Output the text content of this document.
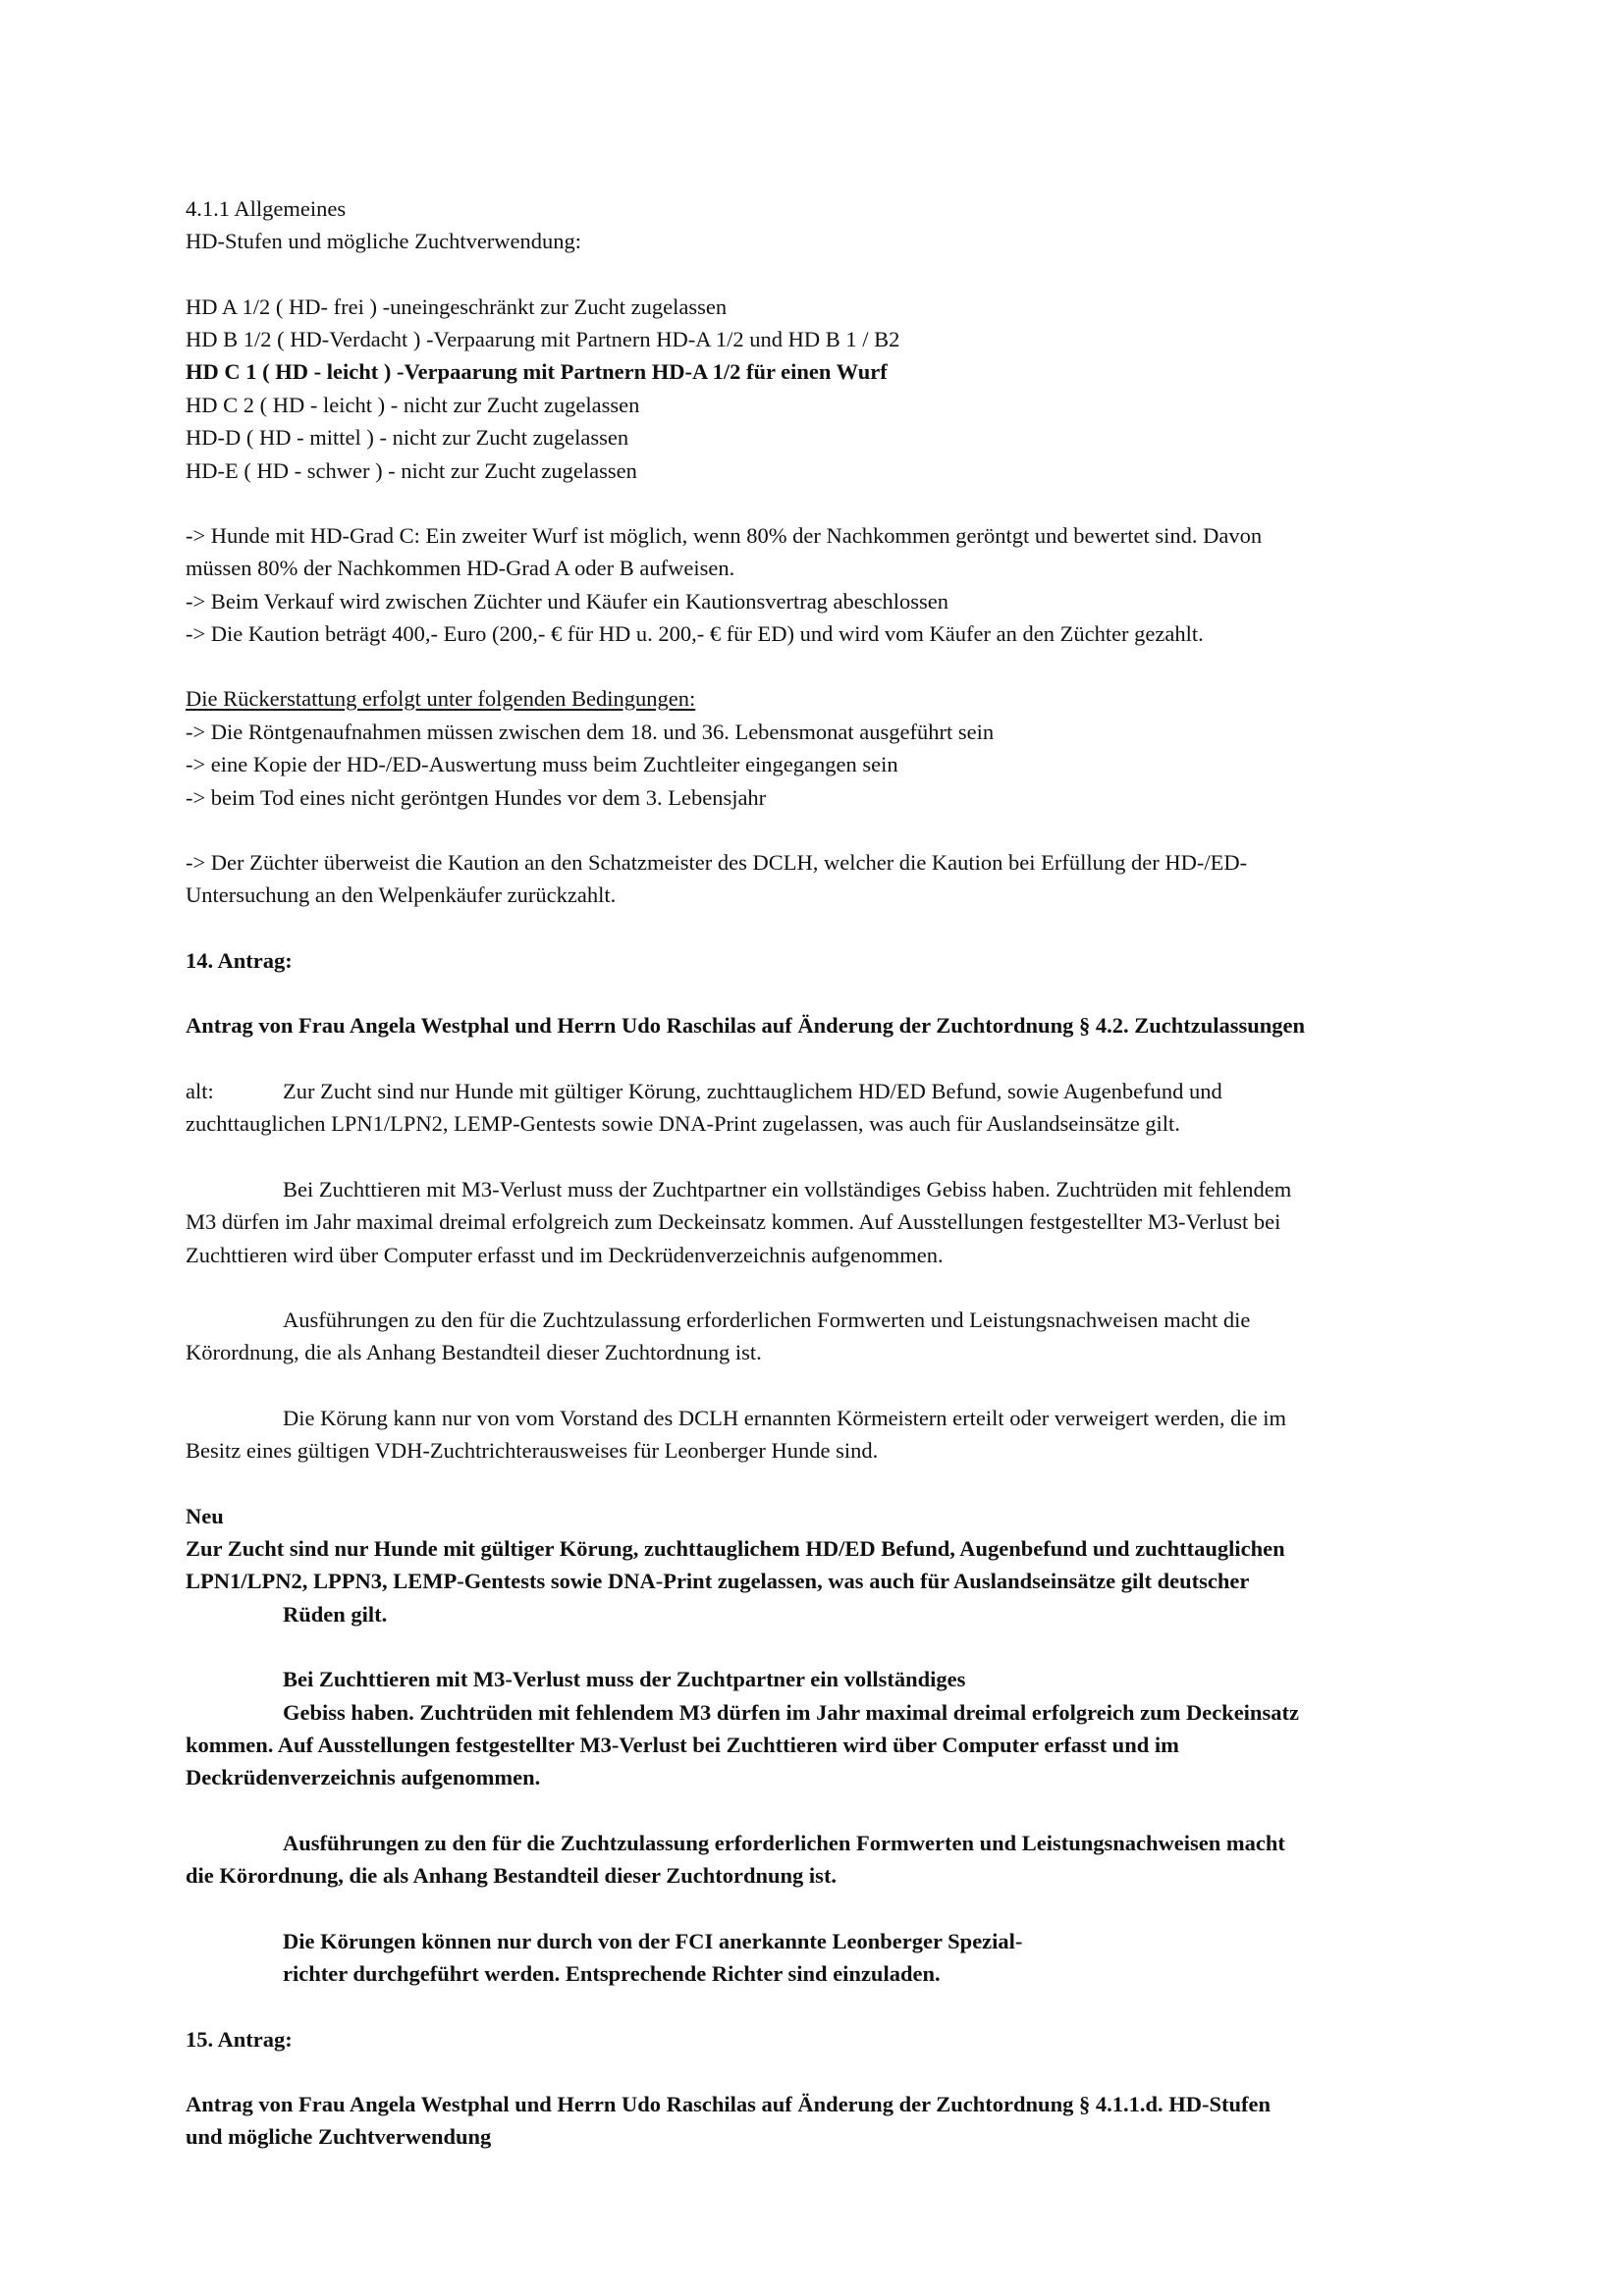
4.1.1 Allgemeines
HD-Stufen und mögliche Zuchtverwendung:
HD A 1/2 ( HD- frei ) -uneingeschränkt zur Zucht zugelassen
HD B 1/2 ( HD-Verdacht ) -Verpaarung mit Partnern HD-A 1/2 und HD B 1 / B2
HD C 1 ( HD - leicht ) -Verpaarung mit Partnern HD-A 1/2 für einen Wurf
HD C 2 ( HD - leicht ) - nicht zur Zucht zugelassen
HD-D ( HD - mittel ) - nicht zur Zucht zugelassen
HD-E ( HD - schwer ) - nicht zur Zucht zugelassen
-> Hunde mit HD-Grad C: Ein zweiter Wurf ist möglich, wenn 80% der Nachkommen geröntgt und bewertet sind. Davon
müssen 80% der Nachkommen HD-Grad A oder B aufweisen.
-> Beim Verkauf wird zwischen Züchter und Käufer ein Kautionsvertrag abeschlossen
-> Die Kaution beträgt 400,- Euro (200,- € für HD u. 200,- € für ED) und wird vom Käufer an den Züchter gezahlt.
Die Rückerstattung erfolgt unter folgenden Bedingungen:
-> Die Röntgenaufnahmen müssen zwischen dem 18. und 36. Lebensmonat ausgeführt sein
-> eine Kopie der HD-/ED-Auswertung muss beim Zuchtleiter eingegangen sein
-> beim Tod eines nicht geröntgen Hundes vor dem 3. Lebensjahr
-> Der Züchter überweist die Kaution an den Schatzmeister des DCLH, welcher die Kaution bei Erfüllung der HD-/ED-
Untersuchung an den Welpenkäufer zurückzahlt.
14. Antrag:
Antrag von Frau Angela Westphal und Herrn Udo Raschilas auf Änderung der Zuchtordnung § 4.2. Zuchtzulassungen
alt:	Zur Zucht sind nur Hunde mit gültiger Körung, zuchttauglichem HD/ED Befund, sowie Augenbefund und
zuchttauglichen LPN1/LPN2, LEMP-Gentests sowie DNA-Print zugelassen, was auch für Auslandseinsätze gilt.
Bei Zuchttieren mit M3-Verlust muss der Zuchtpartner ein vollständiges Gebiss haben. Zuchtrüden mit fehlendem
M3 dürfen im Jahr maximal dreimal erfolgreich zum Deckeinsatz kommen. Auf Ausstellungen festgestellter M3-Verlust bei
Zuchttieren wird über Computer erfasst und im Deckrüdenverzeichnis aufgenommen.
Ausführungen zu den für die Zuchtzulassung erforderlichen Formwerten und Leistungsnachweisen macht die
Körordnung, die als Anhang Bestandteil dieser Zuchtordnung ist.
Die Körung kann nur von vom Vorstand des DCLH ernannten Körmeistern erteilt oder verweigert werden, die im
Besitz eines gültigen VDH-Zuchtrichterausweises für Leonberger Hunde sind.
Neu
Zur Zucht sind nur Hunde mit gültiger Körung, zuchttauglichem HD/ED Befund, Augenbefund und zuchttauglichen
LPN1/LPN2, LPPN3, LEMP-Gentests sowie DNA-Print zugelassen, was auch für Auslandseinsätze gilt deutscher
Rüden gilt.
Bei Zuchttieren mit M3-Verlust muss der Zuchtpartner ein vollständiges
Gebiss haben. Zuchtrüden mit fehlendem M3 dürfen im Jahr maximal dreimal erfolgreich zum Deckeinsatz
kommen. Auf Ausstellungen festgestellter M3-Verlust bei Zuchttieren wird über Computer erfasst und im
Deckrüdenverzeichnis aufgenommen.
Ausführungen zu den für die Zuchtzulassung erforderlichen Formwerten und Leistungsnachweisen macht
die Körordnung, die als Anhang Bestandteil dieser Zuchtordnung ist.
Die Körungen können nur durch von der FCI anerkannte Leonberger Spezial-
richter durchgeführt werden. Entsprechende Richter sind einzuladen.
15. Antrag:
Antrag von Frau Angela Westphal und Herrn Udo Raschilas auf Änderung der Zuchtordnung § 4.1.1.d. HD-Stufen
und mögliche Zuchtverwendung
